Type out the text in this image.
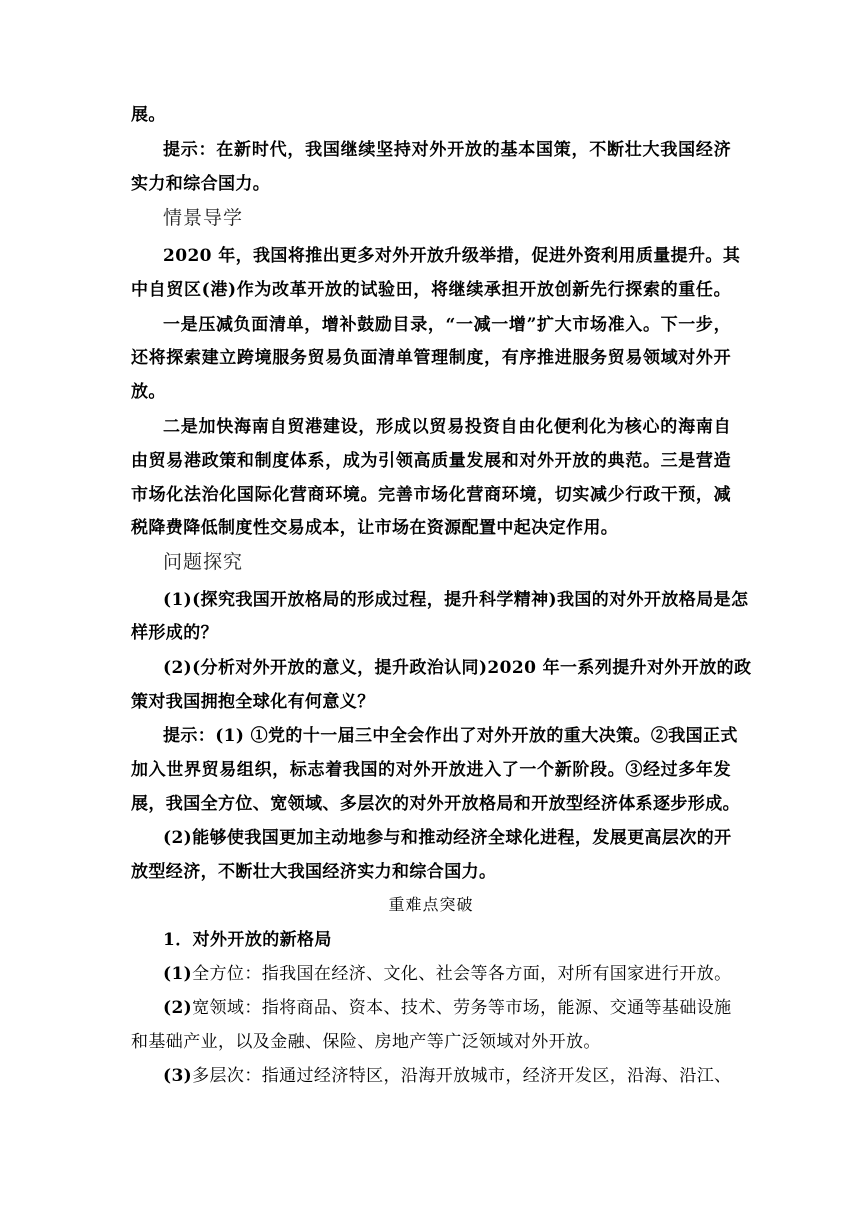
展。
提示：在新时代，我国继续坚持对外开放的基本国策，不断壮大我国经济
实力和综合国力。
情景导学
2020 年，我国将推出更多对外开放升级举措，促进外资利用质量提升。其
中自贸区(港)作为改革开放的试验田，将继续承担开放创新先行探索的重任。
一是压减负面清单，增补鼓励目录，“一减一增”扩大市场准入。下一步，
还将探索建立跨境服务贸易负面清单管理制度，有序推进服务贸易领域对外开
放。
二是加快海南自贸港建设，形成以贸易投资自由化便利化为核心的海南自
由贸易港政策和制度体系，成为引领高质量发展和对外开放的典范。三是营造
市场化法治化国际化营商环境。完善市场化营商环境，切实减少行政干预，减
税降费降低制度性交易成本，让市场在资源配置中起决定作用。
问题探究
(1)(探究我国开放格局的形成过程，提升科学精神)我国的对外开放格局是怎
样形成的？
(2)(分析对外开放的意义，提升政治认同)2020 年一系列提升对外开放的政
策对我国拥抱全球化有何意义？
提示：(1) ①党的十一届三中全会作出了对外开放的重大决策。②我国正式
加入世界贸易组织，标志着我国的对外开放进入了一个新阶段。③经过多年发
展，我国全方位、宽领域、多层次的对外开放格局和开放型经济体系逐步形成。
(2)能够使我国更加主动地参与和推动经济全球化进程，发展更高层次的开
放型经济，不断壮大我国经济实力和综合国力。
重难点突破
1．对外开放的新格局
(1)全方位：指我国在经济、文化、社会等各方面，对所有国家进行开放。
(2)宽领域：指将商品、资本、技术、劳务等市场，能源、交通等基础设施
和基础产业，以及金融、保险、房地产等广泛领域对外开放。
(3)多层次：指通过经济特区，沿海开放城市，经济开发区，沿海、沿江、
